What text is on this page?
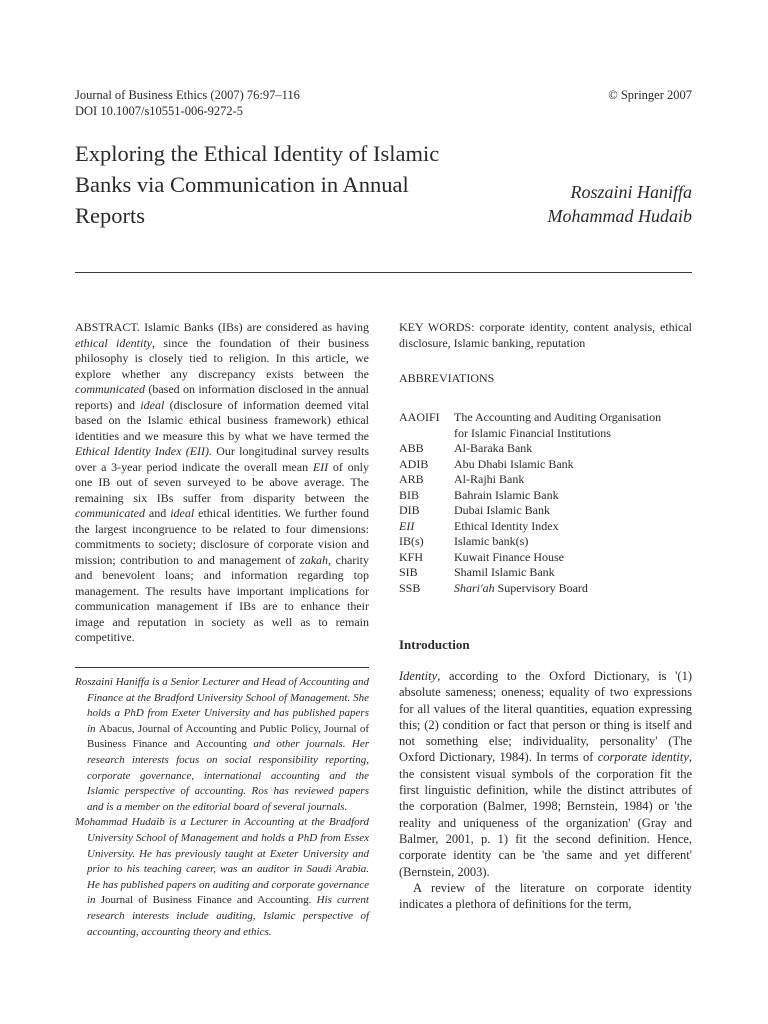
Journal of Business Ethics (2007) 76:97–116
DOI 10.1007/s10551-006-9272-5
© Springer 2007
Exploring the Ethical Identity of Islamic
Banks via Communication in Annual
Reports
Roszaini Haniffa
Mohammad Hudaib
ABSTRACT. Islamic Banks (IBs) are considered as having ethical identity, since the foundation of their business philosophy is closely tied to religion. In this article, we explore whether any discrepancy exists between the communicated (based on information disclosed in the annual reports) and ideal (disclosure of information deemed vital based on the Islamic ethical business framework) ethical identities and we measure this by what we have termed the Ethical Identity Index (EII). Our longitudinal survey results over a 3-year period indicate the overall mean EII of only one IB out of seven surveyed to be above average. The remaining six IBs suffer from disparity between the communicated and ideal ethical identities. We further found the largest incongruence to be related to four dimensions: commitments to society; disclosure of corporate vision and mission; contribution to and management of zakah, charity and benevolent loans; and information regarding top management. The results have important implications for communication management if IBs are to enhance their image and reputation in society as well as to remain competitive.

Roszaini Haniffa is a Senior Lecturer and Head of Accounting and Finance at the Bradford University School of Management. She holds a PhD from Exeter University and has published papers in Abacus, Journal of Accounting and Public Policy, Journal of Business Finance and Accounting and other journals. Her research interests focus on social responsibility reporting, corporate governance, international accounting and the Islamic perspective of accounting. Ros has reviewed papers and is a member on the editorial board of several journals.

Mohammad Hudaib is a Lecturer in Accounting at the Bradford University School of Management and holds a PhD from Essex University. He has previously taught at Exeter University and prior to his teaching career, was an auditor in Saudi Arabia. He has published papers on auditing and corporate governance in Journal of Business Finance and Accounting. His current research interests include auditing, Islamic perspective of accounting, accounting theory and ethics.

KEY WORDS: corporate identity, content analysis, ethical disclosure, Islamic banking, reputation
ABBREVIATIONS
AAOIFI	The Accounting and Auditing Organisation
for Islamic Financial Institutions
ABB	Al-Baraka Bank
ADIB	Abu Dhabi Islamic Bank
ARB	Al-Rajhi Bank
BIB	Bahrain Islamic Bank
DIB	Dubai Islamic Bank
EII	Ethical Identity Index
IB(s)	Islamic bank(s)
KFH	Kuwait Finance House
SIB	Shamil Islamic Bank
SSB	Shari'ah Supervisory Board
Introduction

Identity, according to the Oxford Dictionary, is '(1) absolute sameness; oneness; equality of two expressions for all values of the literal quantities, equation expressing this; (2) condition or fact that person or thing is itself and not something else; individuality, personality' (The Oxford Dictionary, 1984). In terms of corporate identity, the consistent visual symbols of the corporation fit the first linguistic definition, while the distinct attributes of the corporation (Balmer, 1998; Bernstein, 1984) or 'the reality and uniqueness of the organization' (Gray and Balmer, 2001, p. 1) fit the second definition. Hence, corporate identity can be 'the same and yet different' (Bernstein, 2003).

A review of the literature on corporate identity indicates a plethora of definitions for the term,
